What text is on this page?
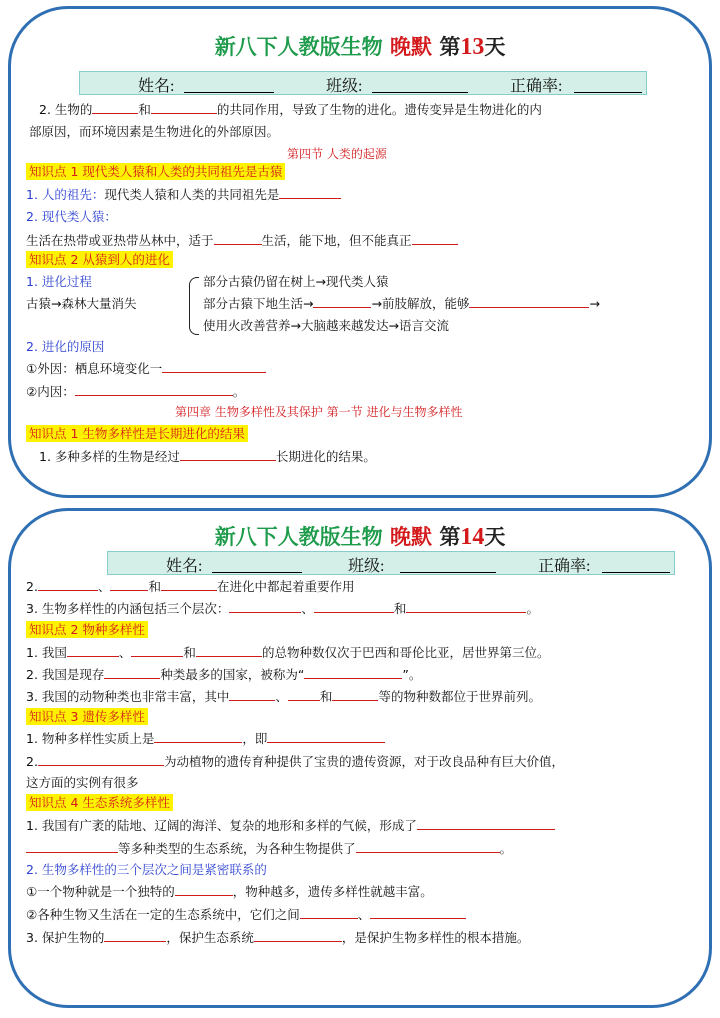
新八下人教版生物 晚默 第13天
姓名:	班级:	正确率:
2. 生物的	和	的共同作用，导致了生物的进化。遗传变异是生物进化的内
部原因，而环境因素是生物进化的外部原因。
第四节 人类的起源
知识点 1 现代类人猿和人类的共同祖先是古猿
1. 人的祖先：现代类人猿和人类的共同祖先是
2. 现代类人猿：
生活在热带或亚热带丛林中，适于	生活，能下地，但不能真正
知识点 2 从猿到人的进化
1. 进化过程
古猿→森林大量消失
部分古猿仍留在树上→现代类人猿
部分古猿下地生活→	→前肢解放，能够	→
使用火改善营养→大脑越来越发达→语言交流
2. 进化的原因
①外因：栖息环境变化一
②内因：	。
第四章 生物多样性及其保护 第一节 进化与生物多样性
知识点 1 生物多样性是长期进化的结果
1. 多种多样的生物是经过	长期进化的结果。
新八下人教版生物 晚默 第14天
姓名:	班级:	正确率:
2.	、	和	在进化中都起着重要作用
3. 生物多样性的内涵包括三个层次：	、	和	。
知识点 2 物种多样性
1. 我国	、	和	的总物种数仅次于巴西和哥伦比亚，居世界第三位。
2. 我国是现存	种类最多的国家，被称为“	”。
3. 我国的动物种类也非常丰富，其中	、	和	等的物种数都位于世界前列。
知识点 3 遗传多样性
1. 物种多样性实质上是	，即
2.	为动植物的遗传育种提供了宝贵的遗传资源，对于改良品种有巨大价值，
这方面的实例有很多
知识点 4 生态系统多样性
1. 我国有广袤的陆地、辽阔的海洋、复杂的地形和多样的气候，形成了
等多种类型的生态系统，为各种生物提供了	。
2. 生物多样性的三个层次之间是紧密联系的
①一个物种就是一个独特的	，物种越多，遗传多样性就越丰富。
②各种生物又生活在一定的生态系统中，它们之间	、
3. 保护生物的	，保护生态系统	，是保护生物多样性的根本措施。
